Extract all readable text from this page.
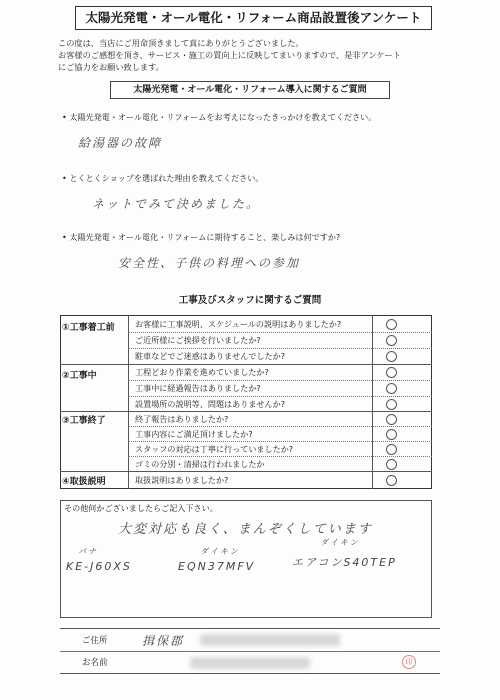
太陽光発電・オール電化・リフォーム商品設置後アンケート
この度は、当店にご用命頂きまして真にありがとうございました。
お客様のご感想を頂き、サービス・施工の質向上に反映してまいりますので、是非アンケート
にご協力をお願い致します。
太陽光発電・オール電化・リフォーム導入に関するご質問
• 太陽光発電・オール電化・リフォームをお考えになったきっかけを教えてください。
給湯器の故障
• とくとくショップを選ばれた理由を教えてください。
ネットでみて決めました。
• 太陽光発電・オール電化・リフォームに期待すること、楽しみは何ですか?
安全性、子供の料理への参加
工事及びスタッフに関するご質問
①工事着工前
②工事中
③工事終了
④取扱説明
お客様に工事説明、スケジュールの説明はありましたか?
ご近所様にご挨拶を行いましたか?
駐車などでご迷惑はありませんでしたか?
工程どおり作業を進めていましたか?
工事中に経過報告はありましたか?
設置場所の説明等、問題はありませんか?
終了報告はありましたか?
工事内容にご満足頂けましたか?
スタッフの対応は丁寧に行っていましたか?
ゴミの分別・清掃は行われましたか
取扱説明はありましたか?
その他何かございましたらご記入下さい。
大変対応も良く、まんぞくしています
パナ
KE-J60XS
ダイキン
EQN37MFV
ダイキン
エアコンS40TEP
ご住所	揖保郡
お名前	印
